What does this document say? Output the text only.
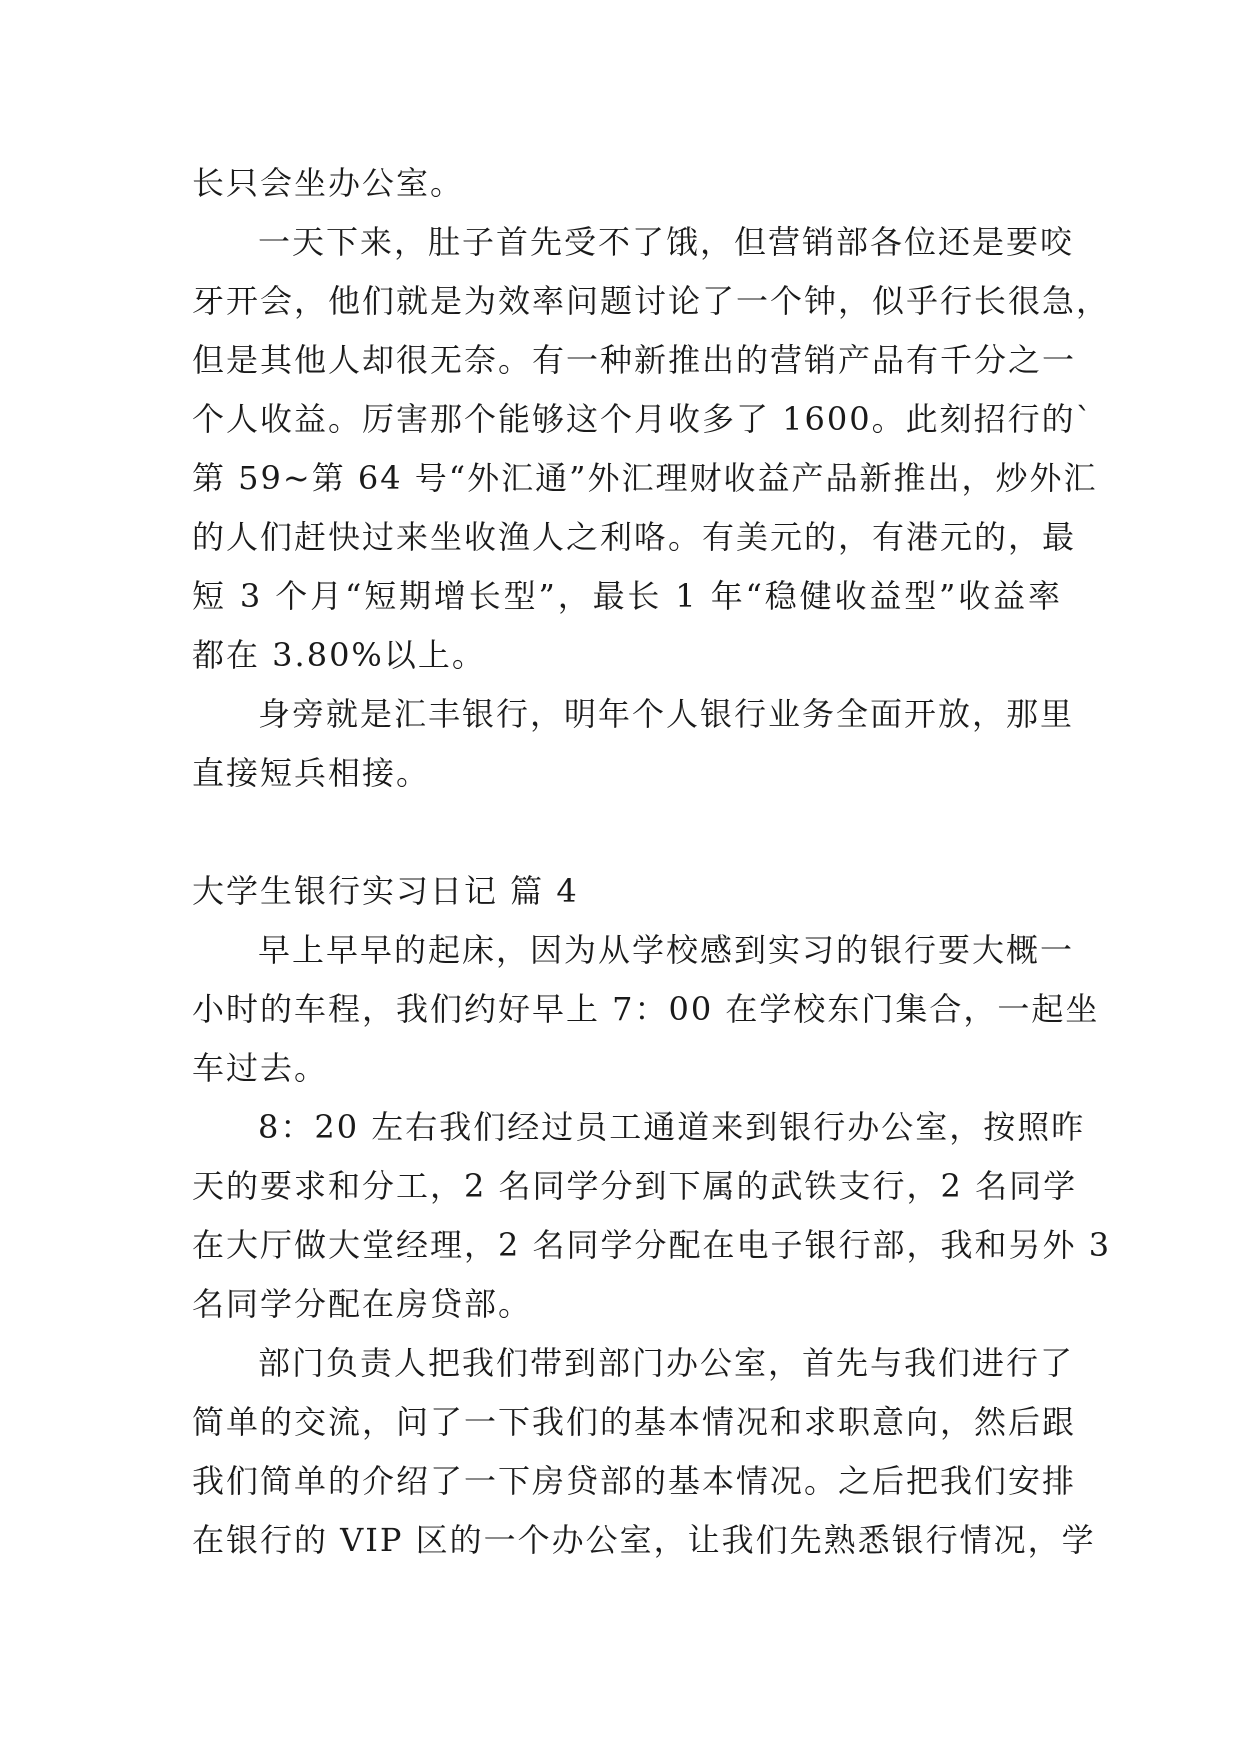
长只会坐办公室。
一天下来，肚子首先受不了饿，但营销部各位还是要咬
牙开会，他们就是为效率问题讨论了一个钟，似乎行长很急，
但是其他人却很无奈。有一种新推出的营销产品有千分之一
个人收益。厉害那个能够这个月收多了 1600。此刻招行的`
第 59~第 64 号“外汇通”外汇理财收益产品新推出，炒外汇
的人们赶快过来坐收渔人之利咯。有美元的，有港元的，最
短 3 个月“短期增长型”，最长 1 年“稳健收益型”收益率
都在 3.80%以上。
身旁就是汇丰银行，明年个人银行业务全面开放，那里
直接短兵相接。
大学生银行实习日记 篇 4
早上早早的起床，因为从学校感到实习的银行要大概一
小时的车程，我们约好早上 7：00 在学校东门集合，一起坐
车过去。
8：20 左右我们经过员工通道来到银行办公室，按照昨
天的要求和分工，2 名同学分到下属的武铁支行，2 名同学
在大厅做大堂经理，2 名同学分配在电子银行部，我和另外 3
名同学分配在房贷部。
部门负责人把我们带到部门办公室，首先与我们进行了
简单的交流，问了一下我们的基本情况和求职意向，然后跟
我们简单的介绍了一下房贷部的基本情况。之后把我们安排
在银行的 VIP 区的一个办公室，让我们先熟悉银行情况，学
